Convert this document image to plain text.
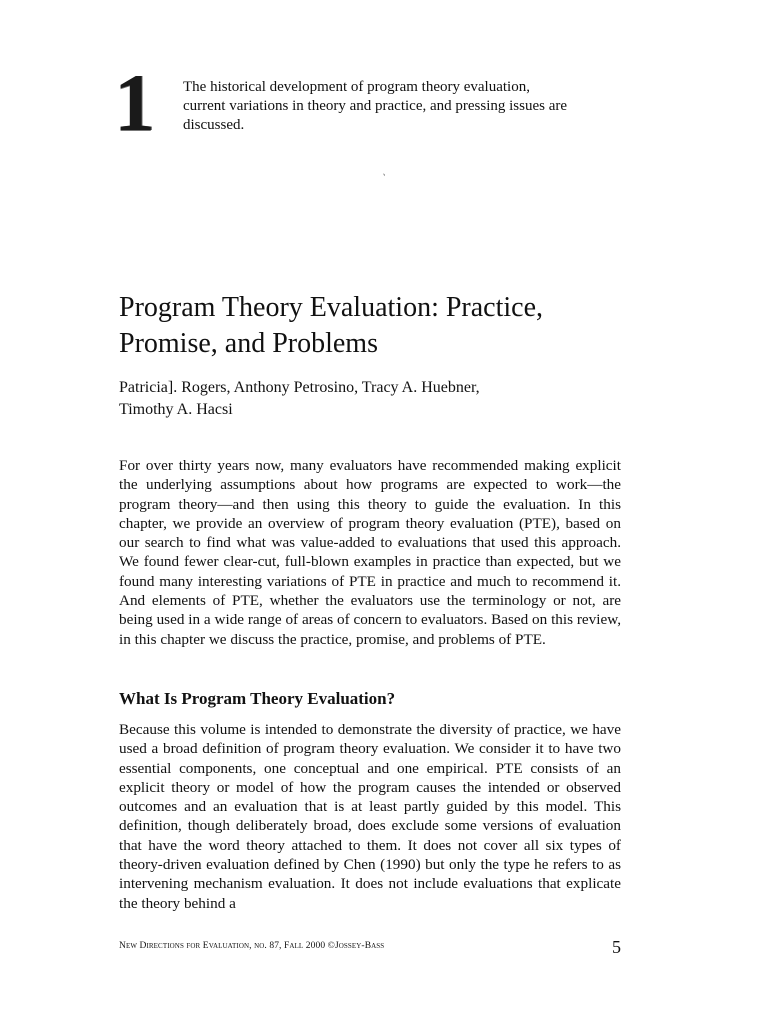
1 The historical development of program theory evaluation, current variations in theory and practice, and pressing issues are discussed.

`
Program Theory Evaluation: Practice,
Promise, and Problems

Patricia]. Rogers, Anthony Petrosino, Tracy A. Huebner,
Timothy A. Hacsi

For over thirty years now, many evaluators have recommended making explicit the underlying assumptions about how programs are expected to work—the program theory—and then using this theory to guide the evaluation. In this chapter, we provide an overview of program theory evaluation (PTE), based on our search to find what was value-added to evaluations that used this approach. We found fewer clear-cut, full-blown examples in practice than expected, but we found many interesting variations of PTE in practice and much to recommend it. And elements of PTE, whether the evaluators use the terminology or not, are being used in a wide range of areas of concern to evaluators. Based on this review, in this chapter we discuss the practice, promise, and problems of PTE.

What Is Program Theory Evaluation?

Because this volume is intended to demonstrate the diversity of practice, we have used a broad definition of program theory evaluation. We consider it to have two essential components, one conceptual and one empirical. PTE consists of an explicit theory or model of how the program causes the intended or observed outcomes and an evaluation that is at least partly guided by this model. This definition, though deliberately broad, does exclude some versions of evaluation that have the word theory attached to them. It does not cover all six types of theory-driven evaluation defined by Chen (1990) but only the type he refers to as intervening mechanism evaluation. It does not include evaluations that explicate the theory behind a

New Directions for Evaluation, no. 87, Fall 2000 ©Jossey-Bass	5
